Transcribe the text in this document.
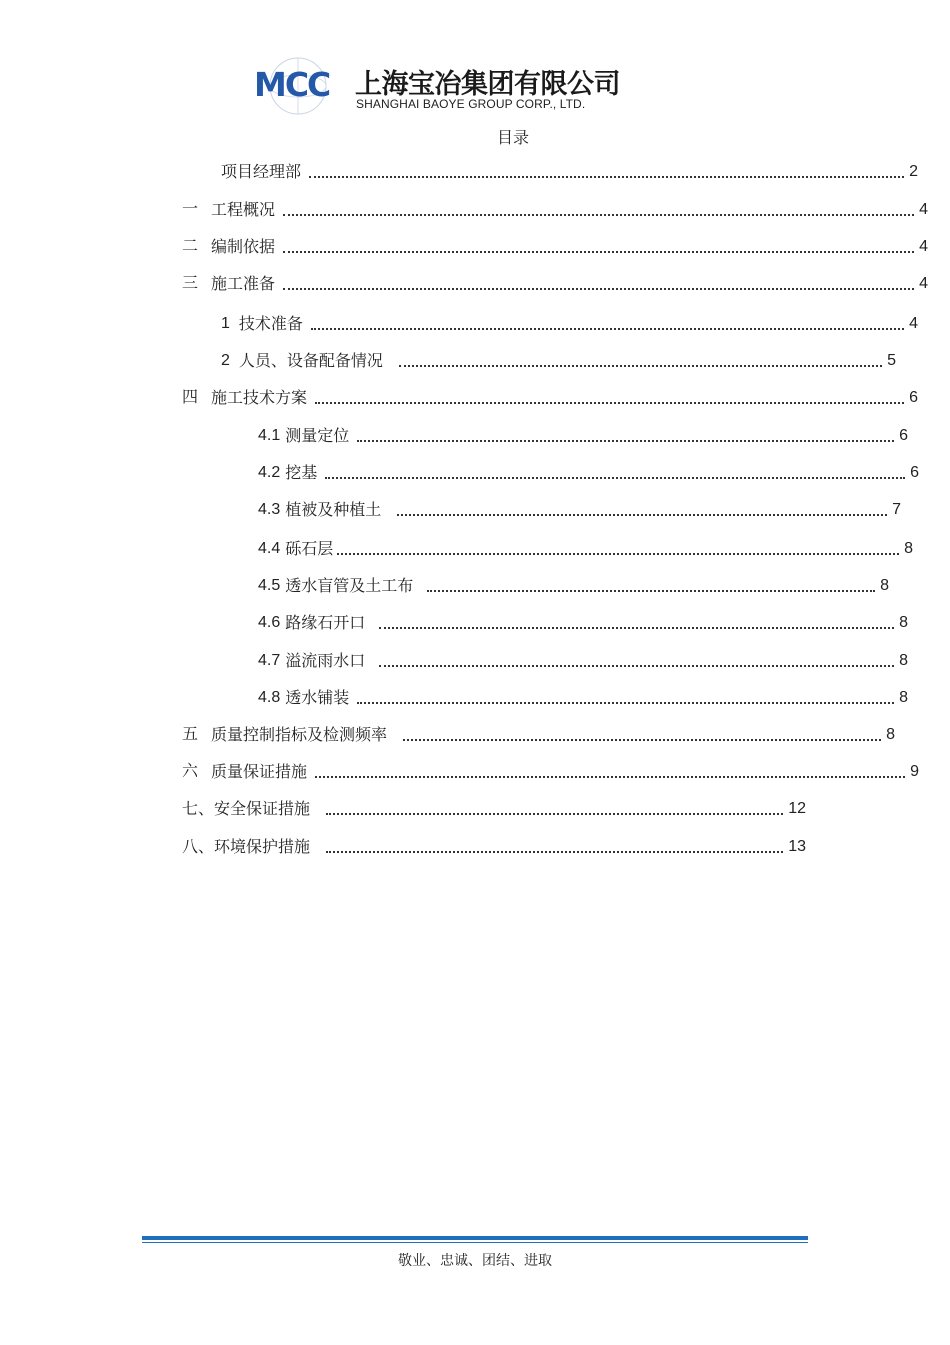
MCC 上海宝冶集团有限公司
SHANGHAI BAOYE GROUP CORP., LTD.
目录
项目经理部	2
一 工程概况	4
二 编制依据	4
三 施工准备	4
1 技术准备	4
2 人员、设备配备情况	5
四 施工技术方案	6
4.1 测量定位	6
4.2 挖基	6
4.3 植被及种植土	7
4.4 砾石层	8
4.5 透水盲管及土工布	8
4.6 路缘石开口	8
4.7 溢流雨水口	8
4.8 透水铺装	8
五 质量控制指标及检测频率	8
六 质量保证措施	9
七、安全保证措施	12
八、环境保护措施	13
敬业、忠诚、团结、进取
